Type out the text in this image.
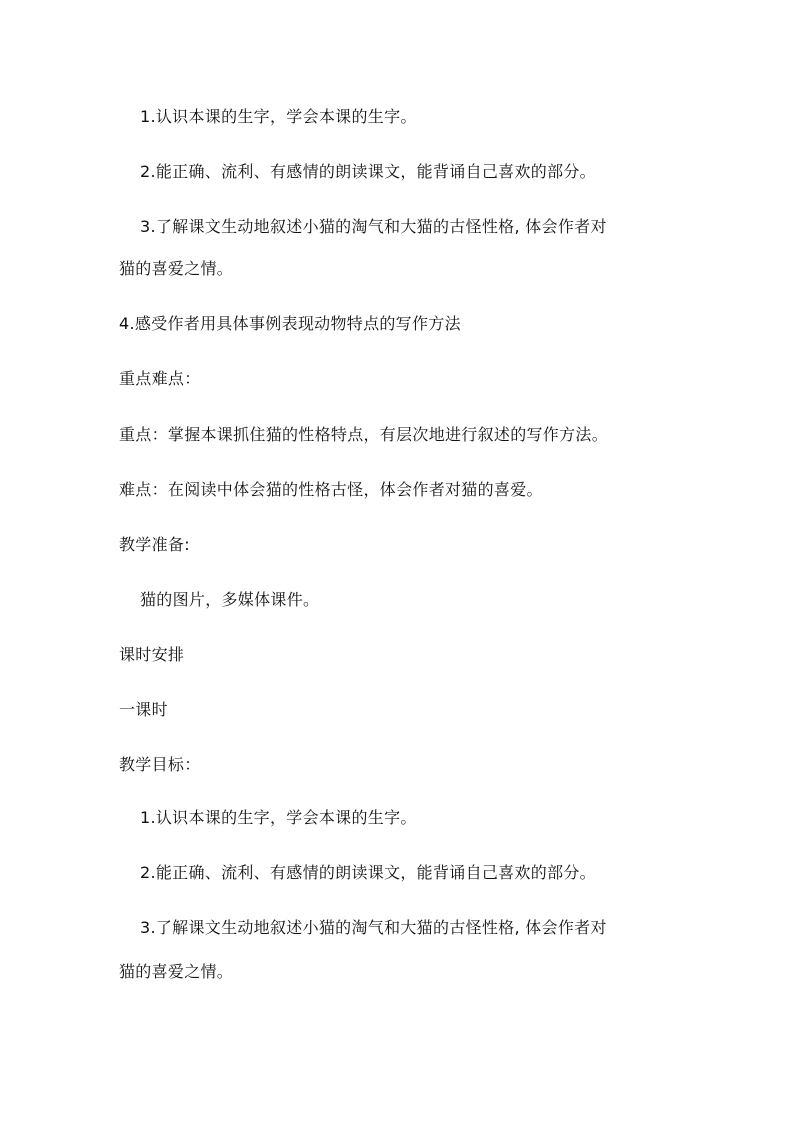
1.认识本课的生字，学会本课的生字。
2.能正确、流利、有感情的朗读课文，能背诵自己喜欢的部分。
3.了解课文生动地叙述小猫的淘气和大猫的古怪性格, 体会作者对
猫的喜爱之情。
4.感受作者用具体事例表现动物特点的写作方法
重点难点：
重点：掌握本课抓住猫的性格特点，有层次地进行叙述的写作方法。
难点：在阅读中体会猫的性格古怪，体会作者对猫的喜爱。
教学准备:
猫的图片，多媒体课件。
课时安排
一课时
教学目标：
1.认识本课的生字，学会本课的生字。
2.能正确、流利、有感情的朗读课文，能背诵自己喜欢的部分。
3.了解课文生动地叙述小猫的淘气和大猫的古怪性格, 体会作者对
猫的喜爱之情。
